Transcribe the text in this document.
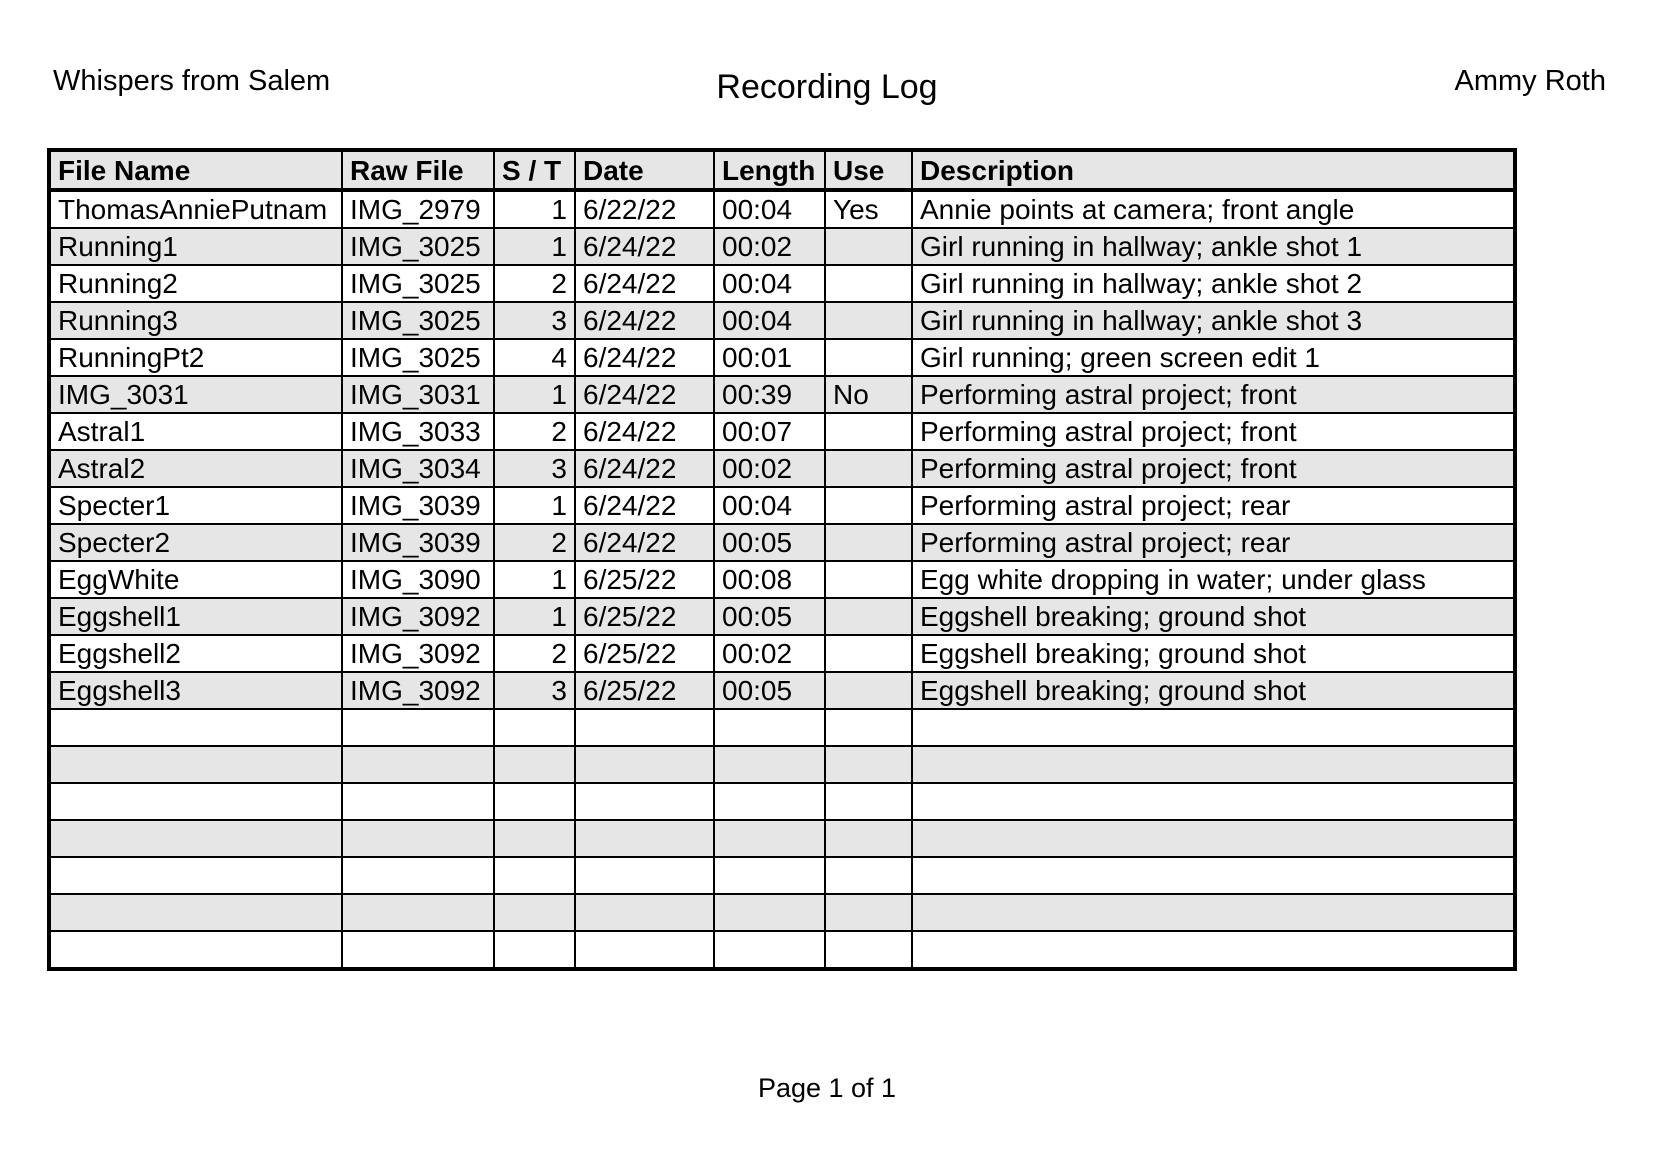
Whispers from Salem	Recording Log	Ammy Roth
File Name	Raw File	S / T	Date	Length	Use	Description
ThomasAnniePutnam	IMG_2979	1	6/22/22	00:04	Yes	Annie points at camera; front angle
Running1	IMG_3025	1	6/24/22	00:02		Girl running in hallway; ankle shot 1
Running2	IMG_3025	2	6/24/22	00:04		Girl running in hallway; ankle shot 2
Running3	IMG_3025	3	6/24/22	00:04		Girl running in hallway; ankle shot 3
RunningPt2	IMG_3025	4	6/24/22	00:01		Girl running; green screen edit 1
IMG_3031	IMG_3031	1	6/24/22	00:39	No	Performing astral project; front
Astral1	IMG_3033	2	6/24/22	00:07		Performing astral project; front
Astral2	IMG_3034	3	6/24/22	00:02		Performing astral project; front
Specter1	IMG_3039	1	6/24/22	00:04		Performing astral project; rear
Specter2	IMG_3039	2	6/24/22	00:05		Performing astral project; rear
EggWhite	IMG_3090	1	6/25/22	00:08		Egg white dropping in water; under glass
Eggshell1	IMG_3092	1	6/25/22	00:05		Eggshell breaking; ground shot
Eggshell2	IMG_3092	2	6/25/22	00:02		Eggshell breaking; ground shot
Eggshell3	IMG_3092	3	6/25/22	00:05		Eggshell breaking; ground shot

Page 1 of 1
